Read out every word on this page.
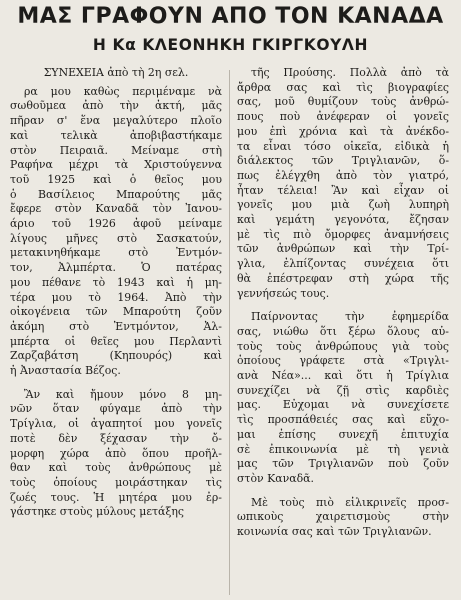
ΜΑΣ ΓΡΑΦΟΥΝ ΑΠΟ ΤΟΝ ΚΑΝΑΔΑ
Η Κα ΚΛΕΟΝΗΚΗ ΓΚΙΡΓΚΟΥΛΗ

ΣΥΝΕΧΕΙΑ ἀπὸ τὴ 2η σελ.

ρα μου καθὼς περιμέναμε νὰ
σωθοῦμεα ἀπὸ τὴν ἀκτή, μᾶς
πῆραν σ' ἕνα μεγαλύτερο πλοῖο
καὶ τελικὰ ἀποβιβαστήκαμε
στὸν Πειραιᾶ. Μείναμε στὴ
Ραφήνα μέχρι τὰ Χριστούγεννα
τοῦ 1925 καὶ ὁ θεῖος μου
ὁ Βασίλειος Μπαρούτης μᾶς
ἔφερε στὸν Καναδᾶ τὸν Ἰανου-
άριο τοῦ 1926 ἀφοῦ μείναμε
λίγους μῆνες στὸ Σασκατούν,
μετακινηθήκαμε στὸ Ἐντμόν-
τον, Ἀλμπέρτα. Ὁ πατέρας
μου πέθανε τὸ 1943 καὶ ἡ μη-
τέρα μου τὸ 1964. Ἀπὸ τὴν
οἰκογένεια τῶν Μπαρούτη ζοῦν
ἀκόμη στὸ Ἐντμόντον, Ἀλ-
μπέρτα οἱ θεῖες μου Περλαντὶ
Ζαρζαβάτση (Κηπουρός) καὶ
ἡ Ἀναστασία Βέζος.

Ἂν καὶ ἤμουν μόνο 8 μη-
νῶν ὅταν φύγαμε ἀπὸ τὴν
Τρίγλια, οἱ ἀγαπητοί μου γονεῖς
ποτὲ δὲν ξέχασαν τὴν ὄ-
μορφη χώρα ἀπὸ ὅπου προῆλ-
θαν καὶ τοὺς ἀνθρώπους μὲ
τοὺς ὁποίους μοιράστηκαν τὶς
ζωές τους. Ἡ μητέρα μου ἐρ-
γάστηκε στοὺς μύλους μετάξης

τῆς Προύσης. Πολλὰ ἀπὸ τὰ
ἄρθρα σας καὶ τὶς βιογραφίες
σας, μοῦ θυμίζουν τοὺς ἀνθρώ-
πους ποὺ ἀνέφεραν οἱ γονεῖς
μου ἐπὶ χρόνια καὶ τὰ ἀνέκδο-
τα εἶναι τόσο οἰκεῖα, εἰδικὰ ἡ
διάλεκτος τῶν Τριγλιανῶν, ὅ-
πως ἐλέγχθη ἀπὸ τὸν γιατρό,
ἦταν τέλεια! Ἂν καὶ εἶχαν οἱ
γονεῖς μου μιὰ ζωὴ λυπηρὴ
καὶ γεμάτη γεγονότα, ἔζησαν
μὲ τὶς πιὸ ὄμορφες ἀναμνήσεις
τῶν ἀνθρώπων καὶ τὴν Τρί-
γλια, ἐλπίζοντας συνέχεια ὅτι
θὰ ἐπέστρεφαν στὴ χώρα τῆς
γεννήσεώς τους.

Παίρνοντας τὴν ἐφημερίδα
σας, νιώθω ὅτι ξέρω ὅλους αὐ-
τοὺς τοὺς ἀνθρώπους γιὰ τοὺς
ὁποίους γράφετε στὰ «Τριγλι-
ανὰ Νέα»... καὶ ὅτι ἡ Τρίγλια
συνεχίζει νὰ ζῇ στὶς καρδιὲς
μας. Εὐχομαι νὰ συνεχίσετε
τὶς προσπάθειές σας καὶ εὔχο-
μαι ἐπίσης συνεχῆ ἐπιτυχία
σὲ ἐπικοινωνία μὲ τὴ γενιὰ
μας τῶν Τριγλιανῶν ποὺ ζοῦν
στὸν Καναδᾶ.

Μὲ τοὺς πιὸ εἰλικρινεῖς προσ-
ωπικοὺς χαιρετισμοὺς στὴν
κοινωνία σας καὶ τῶν Τριγλιανῶν.
